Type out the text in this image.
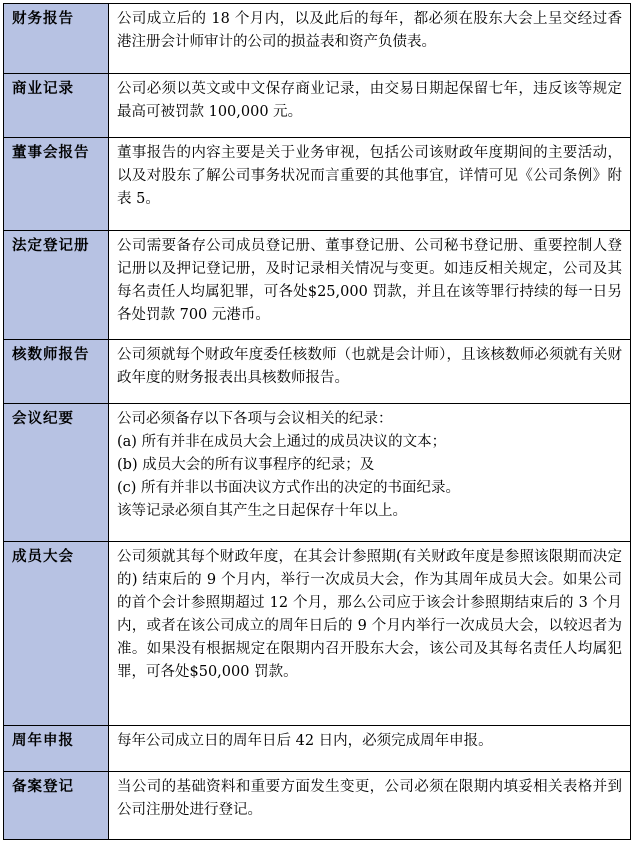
财务报告	公司成立后的 18 个月内，以及此后的每年，都必须在股东大会上呈交经过香港注册会计师审计的公司的损益表和资产负债表。
商业记录	公司必须以英文或中文保存商业记录，由交易日期起保留七年，违反该等规定最高可被罚款 100,000 元。
董事会报告	董事报告的内容主要是关于业务审视，包括公司该财政年度期间的主要活动，以及对股东了解公司事务状况而言重要的其他事宜，详情可见《公司条例》附表 5。
法定登记册	公司需要备存公司成员登记册、董事登记册、公司秘书登记册、重要控制人登记册以及押记登记册，及时记录相关情况与变更。如违反相关规定，公司及其每名责任人均属犯罪，可各处$25,000 罚款，并且在该等罪行持续的每一日另各处罚款 700 元港币。
核数师报告	公司须就每个财政年度委任核数师（也就是会计师），且该核数师必须就有关财政年度的财务报表出具核数师报告。
会议纪要	公司必须备存以下各项与会议相关的纪录：
(a) 所有并非在成员大会上通过的成员决议的文本；
(b) 成员大会的所有议事程序的纪录；及
(c) 所有并非以书面决议方式作出的决定的书面纪录。
该等记录必须自其产生之日起保存十年以上。

成员大会	公司须就其每个财政年度，在其会计参照期(有关财政年度是参照该限期而决定的) 结束后的 9 个月内，举行一次成员大会，作为其周年成员大会。如果公司的首个会计参照期超过 12 个月，那么公司应于该会计参照期结束后的 3 个月内，或者在该公司成立的周年日后的 9 个月内举行一次成员大会，以较迟者为准。如果没有根据规定在限期内召开股东大会，该公司及其每名责任人均属犯罪，可各处$50,000 罚款。
周年申报	每年公司成立日的周年日后 42 日内，必须完成周年申报。
备案登记	当公司的基础资料和重要方面发生变更，公司必须在限期内填妥相关表格并到公司注册处进行登记。
